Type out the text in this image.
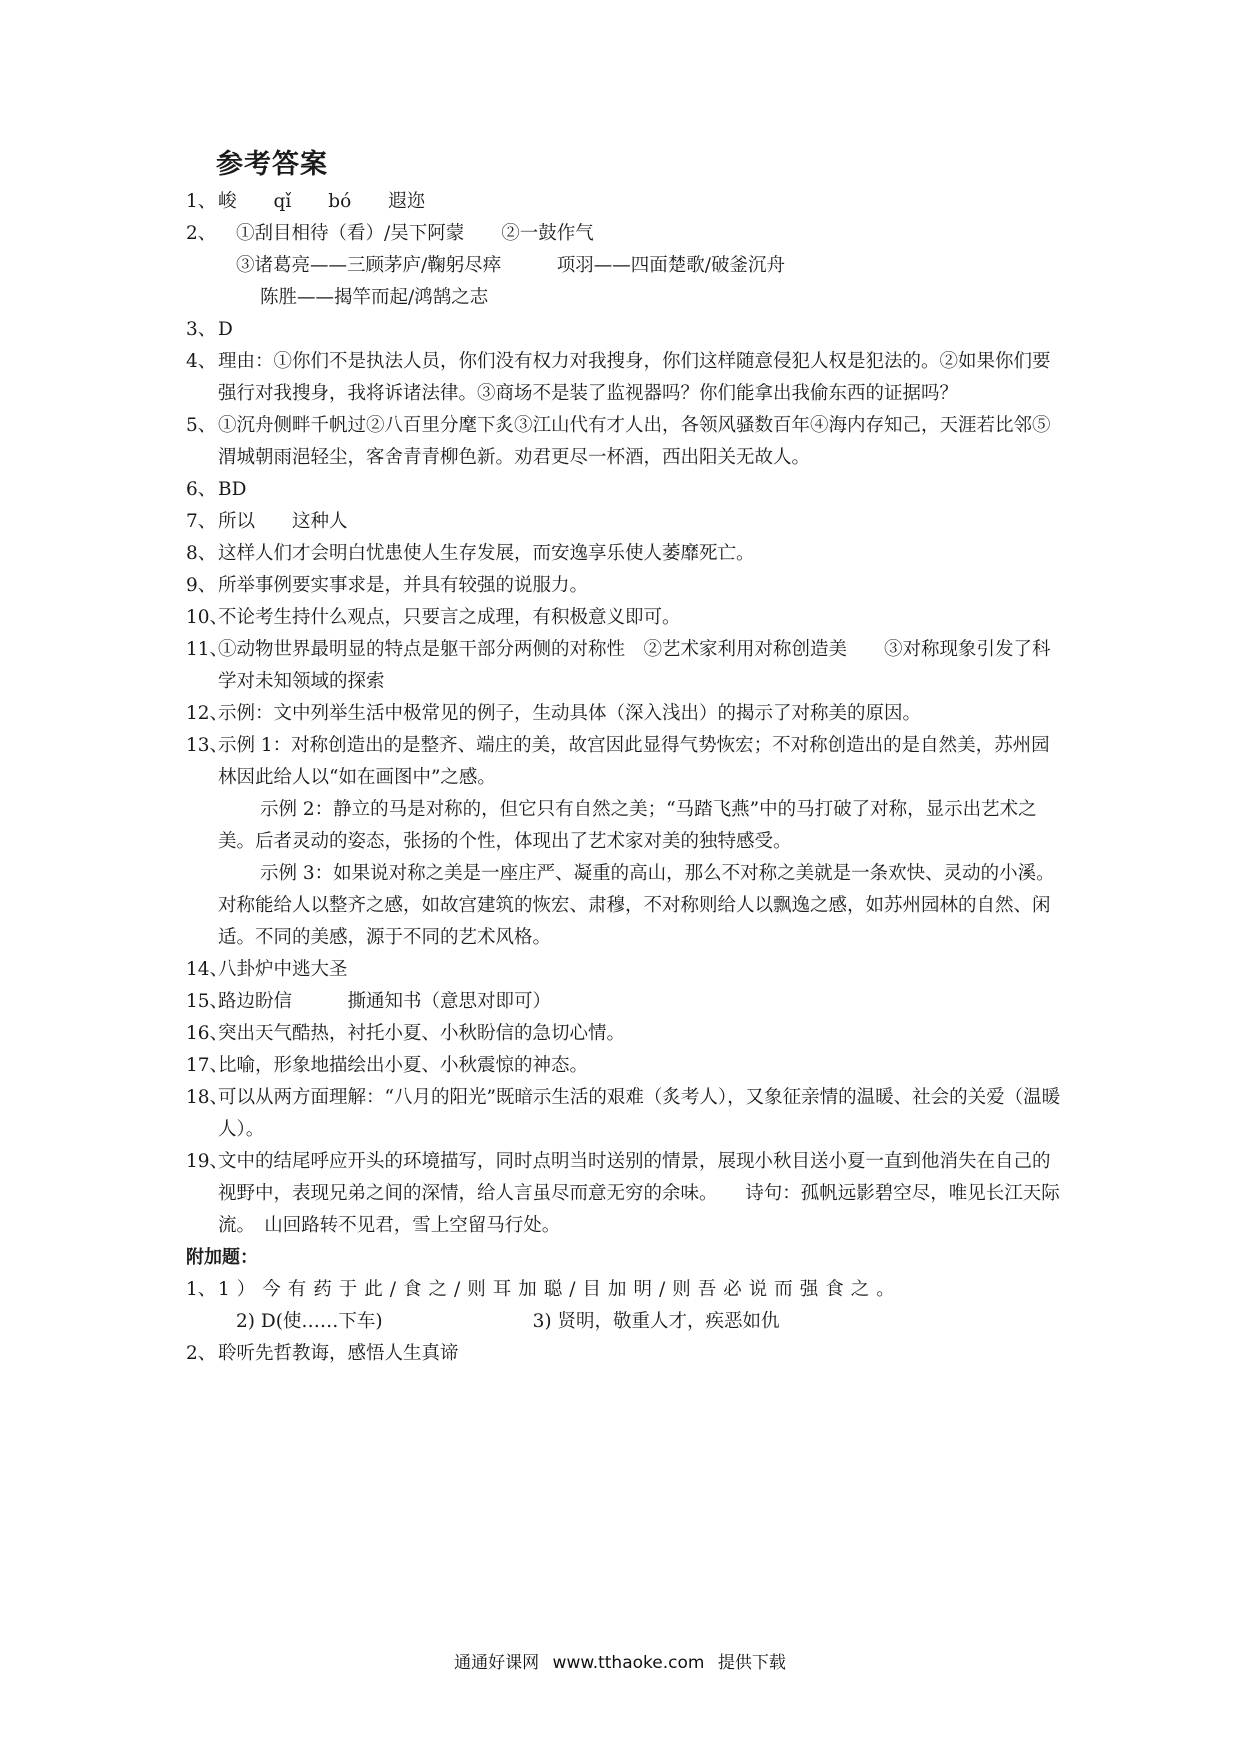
参考答案
1、 峻　　qǐ　　bó　　遐迩
2、	①刮目相待（看）/吴下阿蒙　　②一鼓作气
③诸葛亮——三顾茅庐/鞠躬尽瘁　　　项羽——四面楚歌/破釜沉舟
陈胜——揭竿而起/鸿鹄之志
3、 D
4、 理由：①你们不是执法人员，你们没有权力对我搜身，你们这样随意侵犯人权是犯法的。②如果你们要强行对我搜身，我将诉诸法律。③商场不是装了监视器吗？你们能拿出我偷东西的证据吗？
5、 ①沉舟侧畔千帆过②八百里分麾下炙③江山代有才人出，各领风骚数百年④海内存知己，天涯若比邻⑤渭城朝雨浥轻尘，客舍青青柳色新。劝君更尽一杯酒，西出阳关无故人。
6、 BD
7、 所以　　这种人
8、 这样人们才会明白忧患使人生存发展，而安逸享乐使人萎靡死亡。
9、 所举事例要实事求是，并具有较强的说服力。
10、
不论考生持什么观点，只要言之成理，有积极意义即可。
11、
①动物世界最明显的特点是躯干部分两侧的对称性　②艺术家利用对称创造美　　③对称现象引发了科学对未知领域的探索
12、
示例：文中列举生活中极常见的例子，生动具体（深入浅出）的揭示了对称美的原因。
13、
示例 1：对称创造出的是整齐、端庄的美，故宫因此显得气势恢宏；不对称创造出的是自然美，苏州园林因此给人以“如在画图中”之感。
示例 2：静立的马是对称的，但它只有自然之美；“马踏飞燕”中的马打破了对称，显示出艺术之美。后者灵动的姿态，张扬的个性，体现出了艺术家对美的独特感受。
示例 3：如果说对称之美是一座庄严、凝重的高山，那么不对称之美就是一条欢快、灵动的小溪。对称能给人以整齐之感，如故宫建筑的恢宏、肃穆，不对称则给人以飘逸之感，如苏州园林的自然、闲适。不同的美感，源于不同的艺术风格。
14、
八卦炉中逃大圣
15、
路边盼信　　　撕通知书（意思对即可）
16、
突出天气酷热，衬托小夏、小秋盼信的急切心情。
17、
比喻，形象地描绘出小夏、小秋震惊的神态。
18、
可以从两方面理解：“八月的阳光”既暗示生活的艰难（炙考人），又象征亲情的温暖、社会的关爱（温暖人）。
19、
文中的结尾呼应开头的环境描写，同时点明当时送别的情景，展现小秋目送小夏一直到他消失在自己的视野中，表现兄弟之间的深情，给人言虽尽而意无穷的余味。　　诗句：孤帆远影碧空尽，唯见长江天际流。　山回路转不见君，雪上空留马行处。
附加题：
1、 1）今有药于此/食之/则耳加聪/目加明/则吾必说而强食之。
2) D(使……下车)	3) 贤明，敬重人才，疾恶如仇
2、 聆听先哲教诲，感悟人生真谛
通通好课网 www.tthaoke.com 提供下载
